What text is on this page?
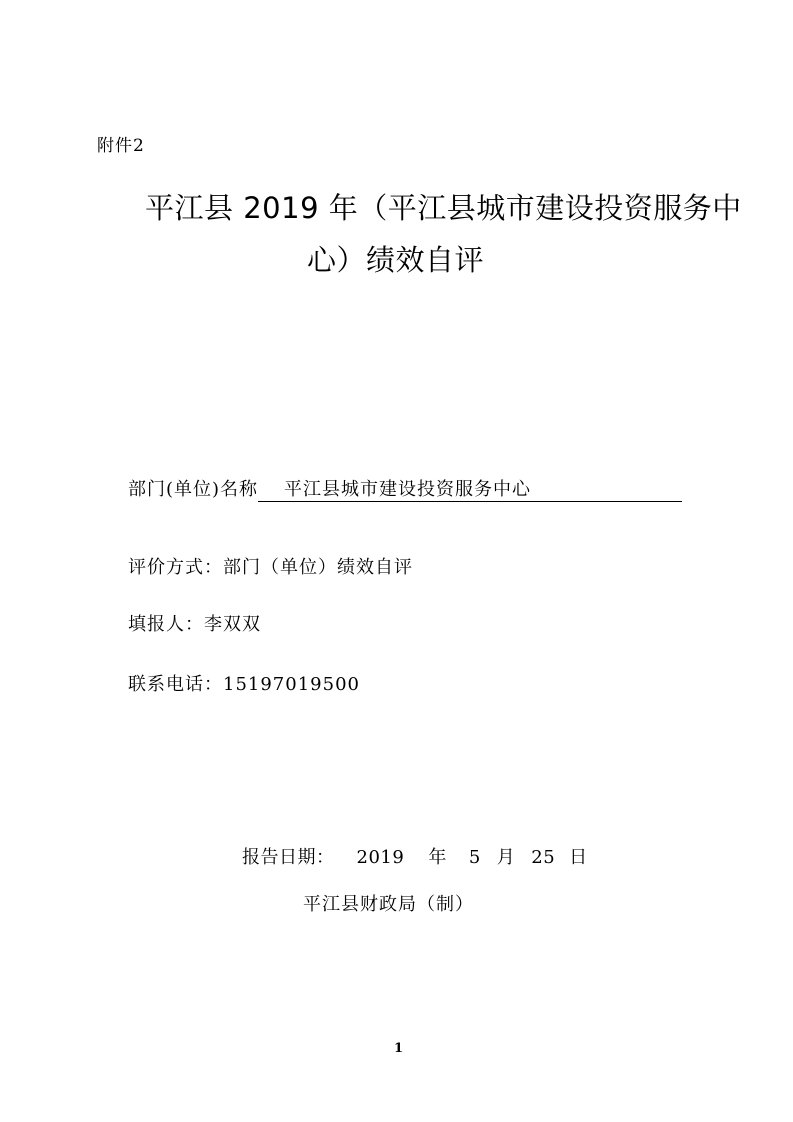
附件2
平江县 2019 年（平江县城市建设投资服务中
心）绩效自评
部门(单位)名称 平江县城市建设投资服务中心
评价方式：部门（单位）绩效自评
填报人：李双双
联系电话：15197019500
报告日期： 2019 年 5 月 25 日
平江县财政局（制）
1
